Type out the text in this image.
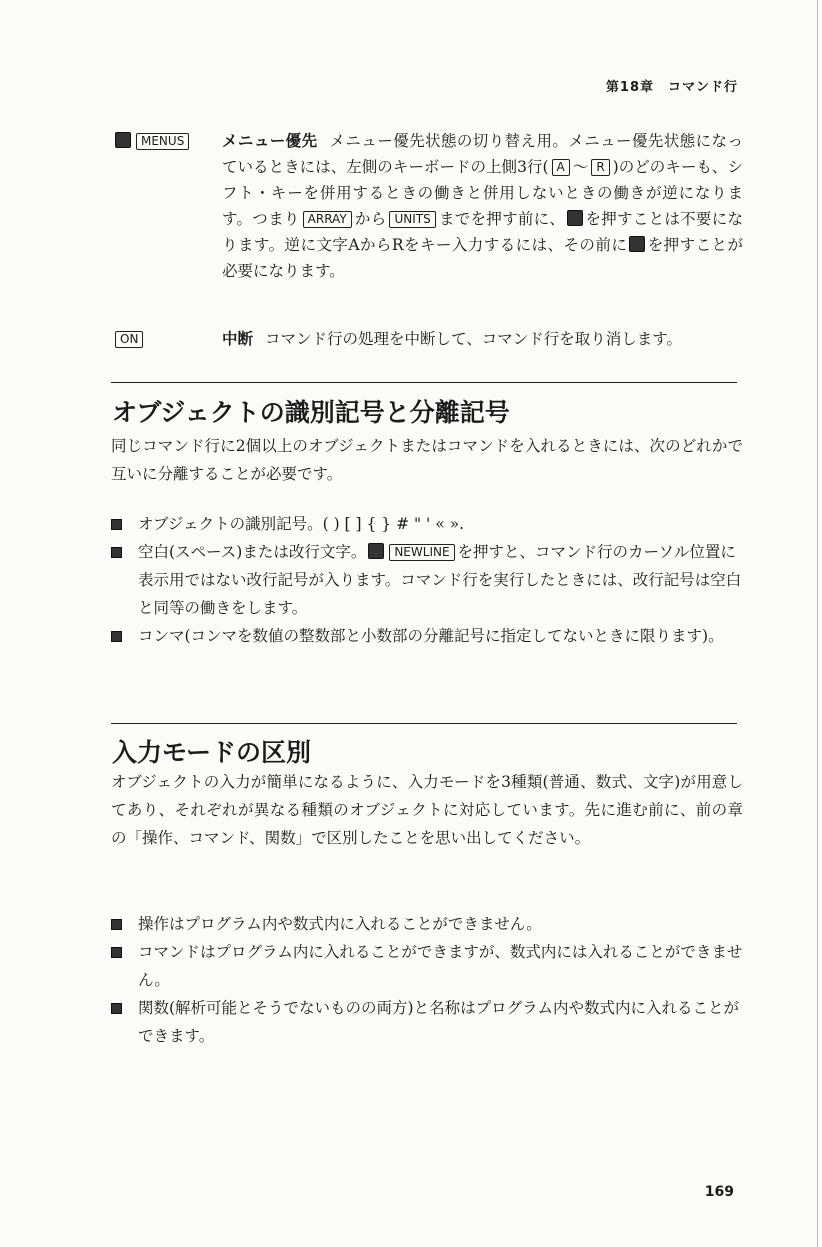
第18章　コマンド行
MENUS	メニュー優先 メニュー優先状態の切り替え用。メニュー優先状態になっているときには、左側のキーボードの上側3行( A 〜 R )のどのキーも、シフト・キーを併用するときの働きと併用しないときの働きが逆になります。つまり ARRAY から UNITS までを押す前に、 を押すことは不要になります。逆に文字AからRをキー入力するには、その前に を押すことが必要になります。
ON	中断 コマンド行の処理を中断して、コマンド行を取り消します。
オブジェクトの識別記号と分離記号
同じコマンド行に2個以上のオブジェクトまたはコマンドを入れるときには、次のどれかで互いに分離することが必要です。
オブジェクトの識別記号。( ) [ ] { } # " ' « ».
空白(スペース)または改行文字。 NEWLINE を押すと、コマンド行のカーソル位置に表示用ではない改行記号が入ります。コマンド行を実行したときには、改行記号は空白と同等の働きをします。
コンマ(コンマを数値の整数部と小数部の分離記号に指定してないときに限ります)。
入力モードの区別
オブジェクトの入力が簡単になるように、入力モードを3種類(普通、数式、文字)が用意してあり、それぞれが異なる種類のオブジェクトに対応しています。先に進む前に、前の章の「操作、コマンド、関数」で区別したことを思い出してください。
操作はプログラム内や数式内に入れることができません。
コマンドはプログラム内に入れることができますが、数式内には入れることができません。
関数(解析可能とそうでないものの両方)と名称はプログラム内や数式内に入れることができます。
169
